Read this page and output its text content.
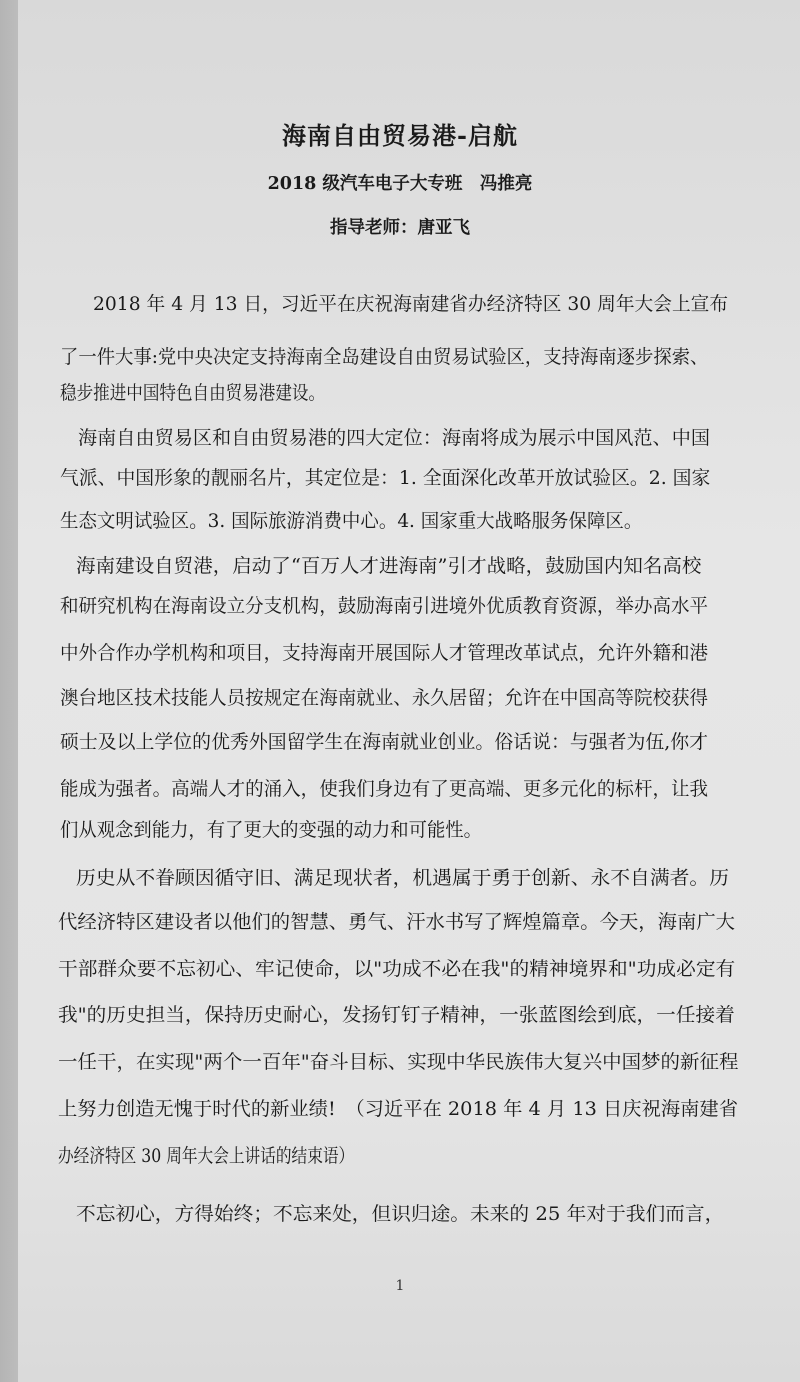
海南自由贸易港-启航
2018 级汽车电子大专班　冯推亮
指导老师：唐亚飞
2018 年 4 月 13 日，习近平在庆祝海南建省办经济特区 30 周年大会上宣布
了一件大事:党中央决定支持海南全岛建设自由贸易试验区，支持海南逐步探索、
稳步推进中国特色自由贸易港建设。
海南自由贸易区和自由贸易港的四大定位：海南将成为展示中国风范、中国
气派、中国形象的靓丽名片，其定位是：1. 全面深化改革开放试验区。2. 国家
生态文明试验区。3. 国际旅游消费中心。4. 国家重大战略服务保障区。
海南建设自贸港，启动了“百万人才进海南”引才战略，鼓励国内知名高校
和研究机构在海南设立分支机构，鼓励海南引进境外优质教育资源，举办高水平
中外合作办学机构和项目，支持海南开展国际人才管理改革试点，允许外籍和港
澳台地区技术技能人员按规定在海南就业、永久居留；允许在中国高等院校获得
硕士及以上学位的优秀外国留学生在海南就业创业。俗话说：与强者为伍,你才
能成为强者。高端人才的涌入，使我们身边有了更高端、更多元化的标杆，让我
们从观念到能力，有了更大的变强的动力和可能性。
历史从不眷顾因循守旧、满足现状者，机遇属于勇于创新、永不自满者。历
代经济特区建设者以他们的智慧、勇气、汗水书写了辉煌篇章。今天，海南广大
干部群众要不忘初心、牢记使命，以"功成不必在我"的精神境界和"功成必定有
我"的历史担当，保持历史耐心，发扬钉钉子精神，一张蓝图绘到底，一任接着
一任干，在实现"两个一百年"奋斗目标、实现中华民族伟大复兴中国梦的新征程
上努力创造无愧于时代的新业绩!　（习近平在 2018 年 4 月 13 日庆祝海南建省
办经济特区 30 周年大会上讲话的结束语）
不忘初心，方得始终；不忘来处，但识归途。未来的 25 年对于我们而言，
1
